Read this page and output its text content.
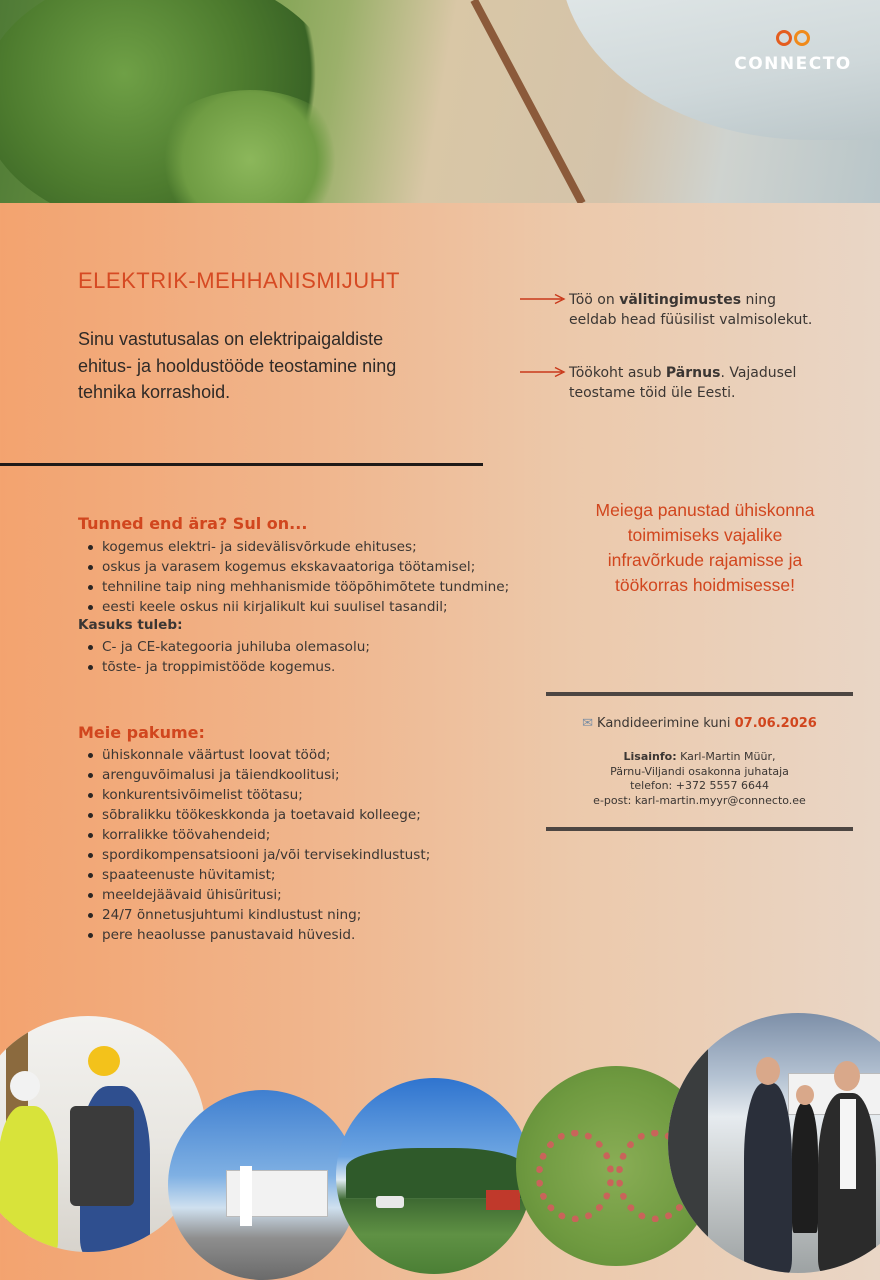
CONNECTO
ELEKTRIK-MEHHANISMIJUHT

Sinu vastutusalas on elektripaigaldiste ehitus- ja hooldustööde teostamine ning tehnika korrashoid.

Töö on välitingimustes ning eeldab head füüsilist valmisolekut.

Töökoht asub Pärnus. Vajadusel teostame töid üle Eesti.

Tunned end ära? Sul on...
kogemus elektri- ja sidevälisvõrkude ehituses;
oskus ja varasem kogemus ekskavaatoriga töötamisel;
tehniline taip ning mehhanismide tööpõhimõtete tundmine;
eesti keele oskus nii kirjalikult kui suulisel tasandil;
Kasuks tuleb:
C- ja CE-kategooria juhiluba olemasolu;
tõste- ja troppimistööde kogemus.
Meie pakume:
ühiskonnale väärtust loovat tööd;
arenguvõimalusi ja täiendkoolitusi;
konkurentsivõimelist töötasu;
sõbralikku töökeskkonda ja toetavaid kolleege;
korralikke töövahendeid;
spordikompensatsiooni ja/või tervisekindlustust;
spaateenuste hüvitamist;
meeldejäävaid ühisüritusi;
24/7 õnnetusjuhtumi kindlustust ning;
pere heaolusse panustavaid hüvesid.

Meiega panustad ühiskonna toimimiseks vajalike infravõrkude rajamisse ja töökorras hoidmisesse!

✉ Kandideerimine kuni 07.06.2026
Lisainfo: Karl-Martin Müür,
Pärnu-Viljandi osakonna juhataja
telefon: +372 5557 6644
e-post: karl-martin.myyr@connecto.ee
